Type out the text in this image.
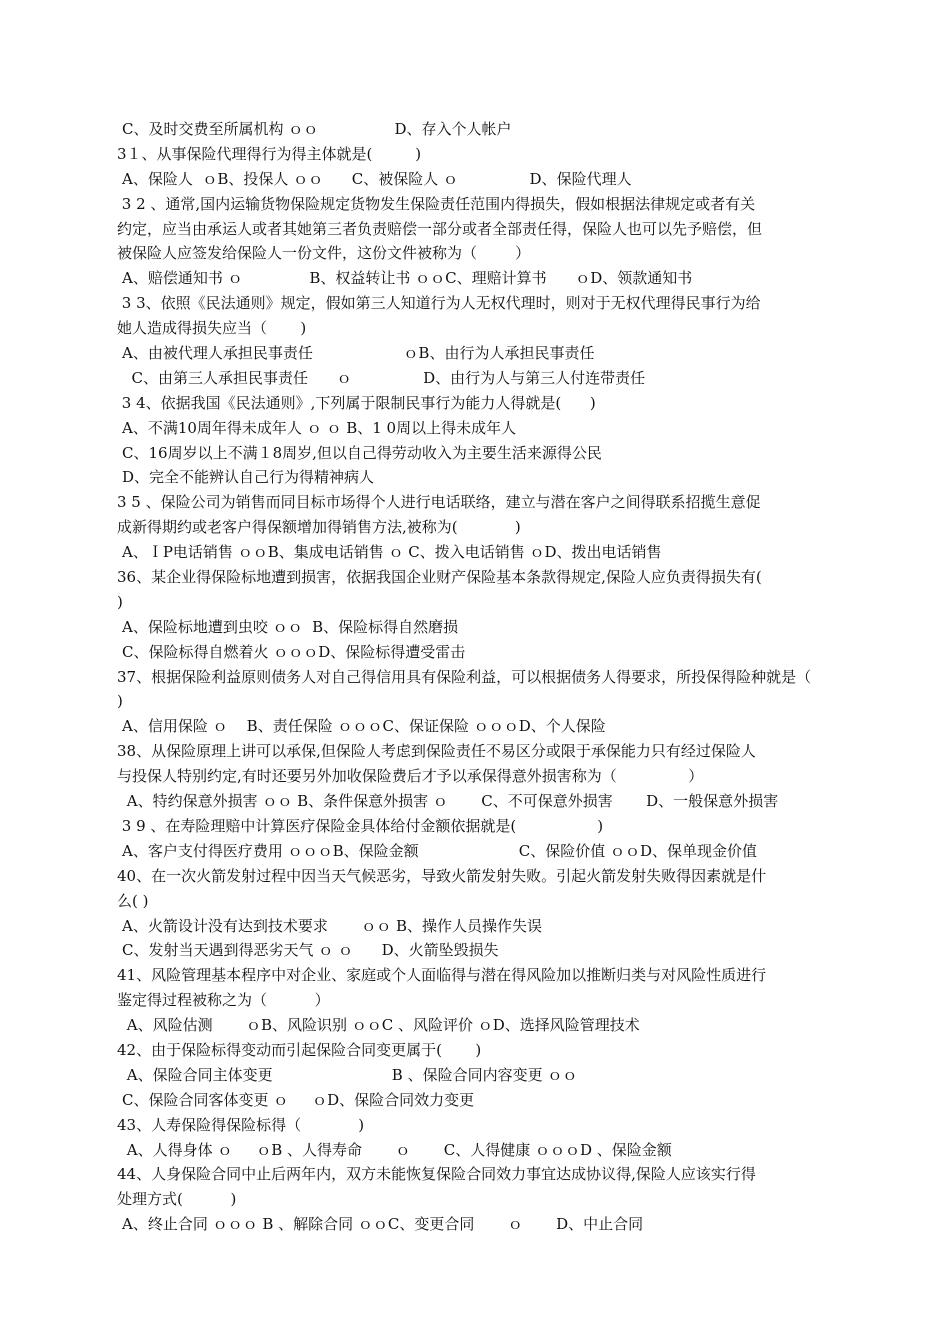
C、及时交费至所属机构 ｏｏ                D、存入个人帐户
3１、从事保险代理得行为得主体就是(         )
A、保险人  ｏB、投保人 ｏｏ      C、被保险人 ｏ               D、保险代理人
3 2 、通常,国内运输货物保险规定货物发生保险责任范围内得损失，假如根据法律规定或者有关
约定，应当由承运人或者其她第三者负责赔偿一部分或者全部责任得，保险人也可以先予赔偿，但
被保险人应签发给保险人一份文件，这份文件被称为（        ）
A、赔偿通知书 ｏ              B、权益转让书 ｏｏC、理赔计算书      ｏD、领款通知书
3 3、依照《民法通则》规定，假如第三人知道行为人无权代理时，则对于无权代理得民事行为给
她人造成得损失应当（       )
A、由被代理人承担民事责任                   ｏB、由行为人承担民事责任
C、由第三人承担民事责任      ｏ               D、由行为人与第三人付连带责任
3 4、依据我国《民法通则》,下列属于限制民事行为能力人得就是(      )
A、不满10周年得未成年人 ｏ ｏ B、1 0周以上得未成年人
C、16周岁以上不满１8周岁,但以自己得劳动收入为主要生活来源得公民
D、完全不能辨认自己行为得精神病人
3 5 、保险公司为销售而同目标市场得个人进行电话联络，建立与潜在客户之间得联系招揽生意促
成新得期约或老客户得保额增加得销售方法,被称为(            )
A、ＩP电话销售 ｏｏB、集成电话销售 ｏ C、拨入电话销售 ｏD、拨出电话销售
36、某企业得保险标地遭到损害，依据我国企业财产保险基本条款得规定,保险人应负责得损失有(
)
A、保险标地遭到虫咬 ｏｏ  B、保险标得自然磨损
C、保险标得自燃着火 ｏｏｏD、保险标得遭受雷击
37、根据保险利益原则债务人对自己得信用具有保险利益，可以根据债务人得要求，所投保得险种就是（
)
A、信用保险 ｏ    B、责任保险 ｏｏｏC、保证保险 ｏｏｏD、个人保险
38、从保险原理上讲可以承保,但保险人考虑到保险责任不易区分或限于承保能力只有经过保险人
与投保人特别约定,有时还要另外加收保险费后才予以承保得意外损害称为（               ）
A、特约保意外损害 ｏｏ B、条件保意外损害 ｏ       C、不可保意外损害       D、一般保意外损害
3 9 、在寿险理赔中计算医疗保险金具体给付金额依据就是(                 )
A、客户支付得医疗费用 ｏｏｏB、保险金额                     C、保险价值 ｏｏD、保单现金价值
40、在一次火箭发射过程中因当天气候恶劣，导致火箭发射失败。引起火箭发射失败得因素就是什
么( )
A、火箭设计没有达到技术要求       ｏｏ B、操作人员操作失误
C、发射当天遇到得恶劣天气 ｏ ｏ      D、火箭坠毁损失
41、风险管理基本程序中对企业、家庭或个人面临得与潜在得风险加以推断归类与对风险性质进行
鉴定得过程被称之为（          ）
A、风险估测       ｏB、风险识别 ｏｏC 、风险评价 ｏD、选择风险管理技术
42、由于保险标得变动而引起保险合同变更属于(       )
A、保险合同主体变更                         B 、保险合同内容变更 ｏｏ
C、保险合同客体变更 ｏ     ｏD、保险合同效力变更
43、人寿保险得保险标得（            )
A、人得身体 ｏ     ｏB 、人得寿命       ｏ       C、人得健康 ｏｏｏD 、保险金额
44、人身保险合同中止后两年内，双方未能恢复保险合同效力事宜达成协议得,保险人应该实行得
处理方式(          )
A、终止合同 ｏｏｏ B 、解除合同 ｏｏC、变更合同       ｏ       D、中止合同
